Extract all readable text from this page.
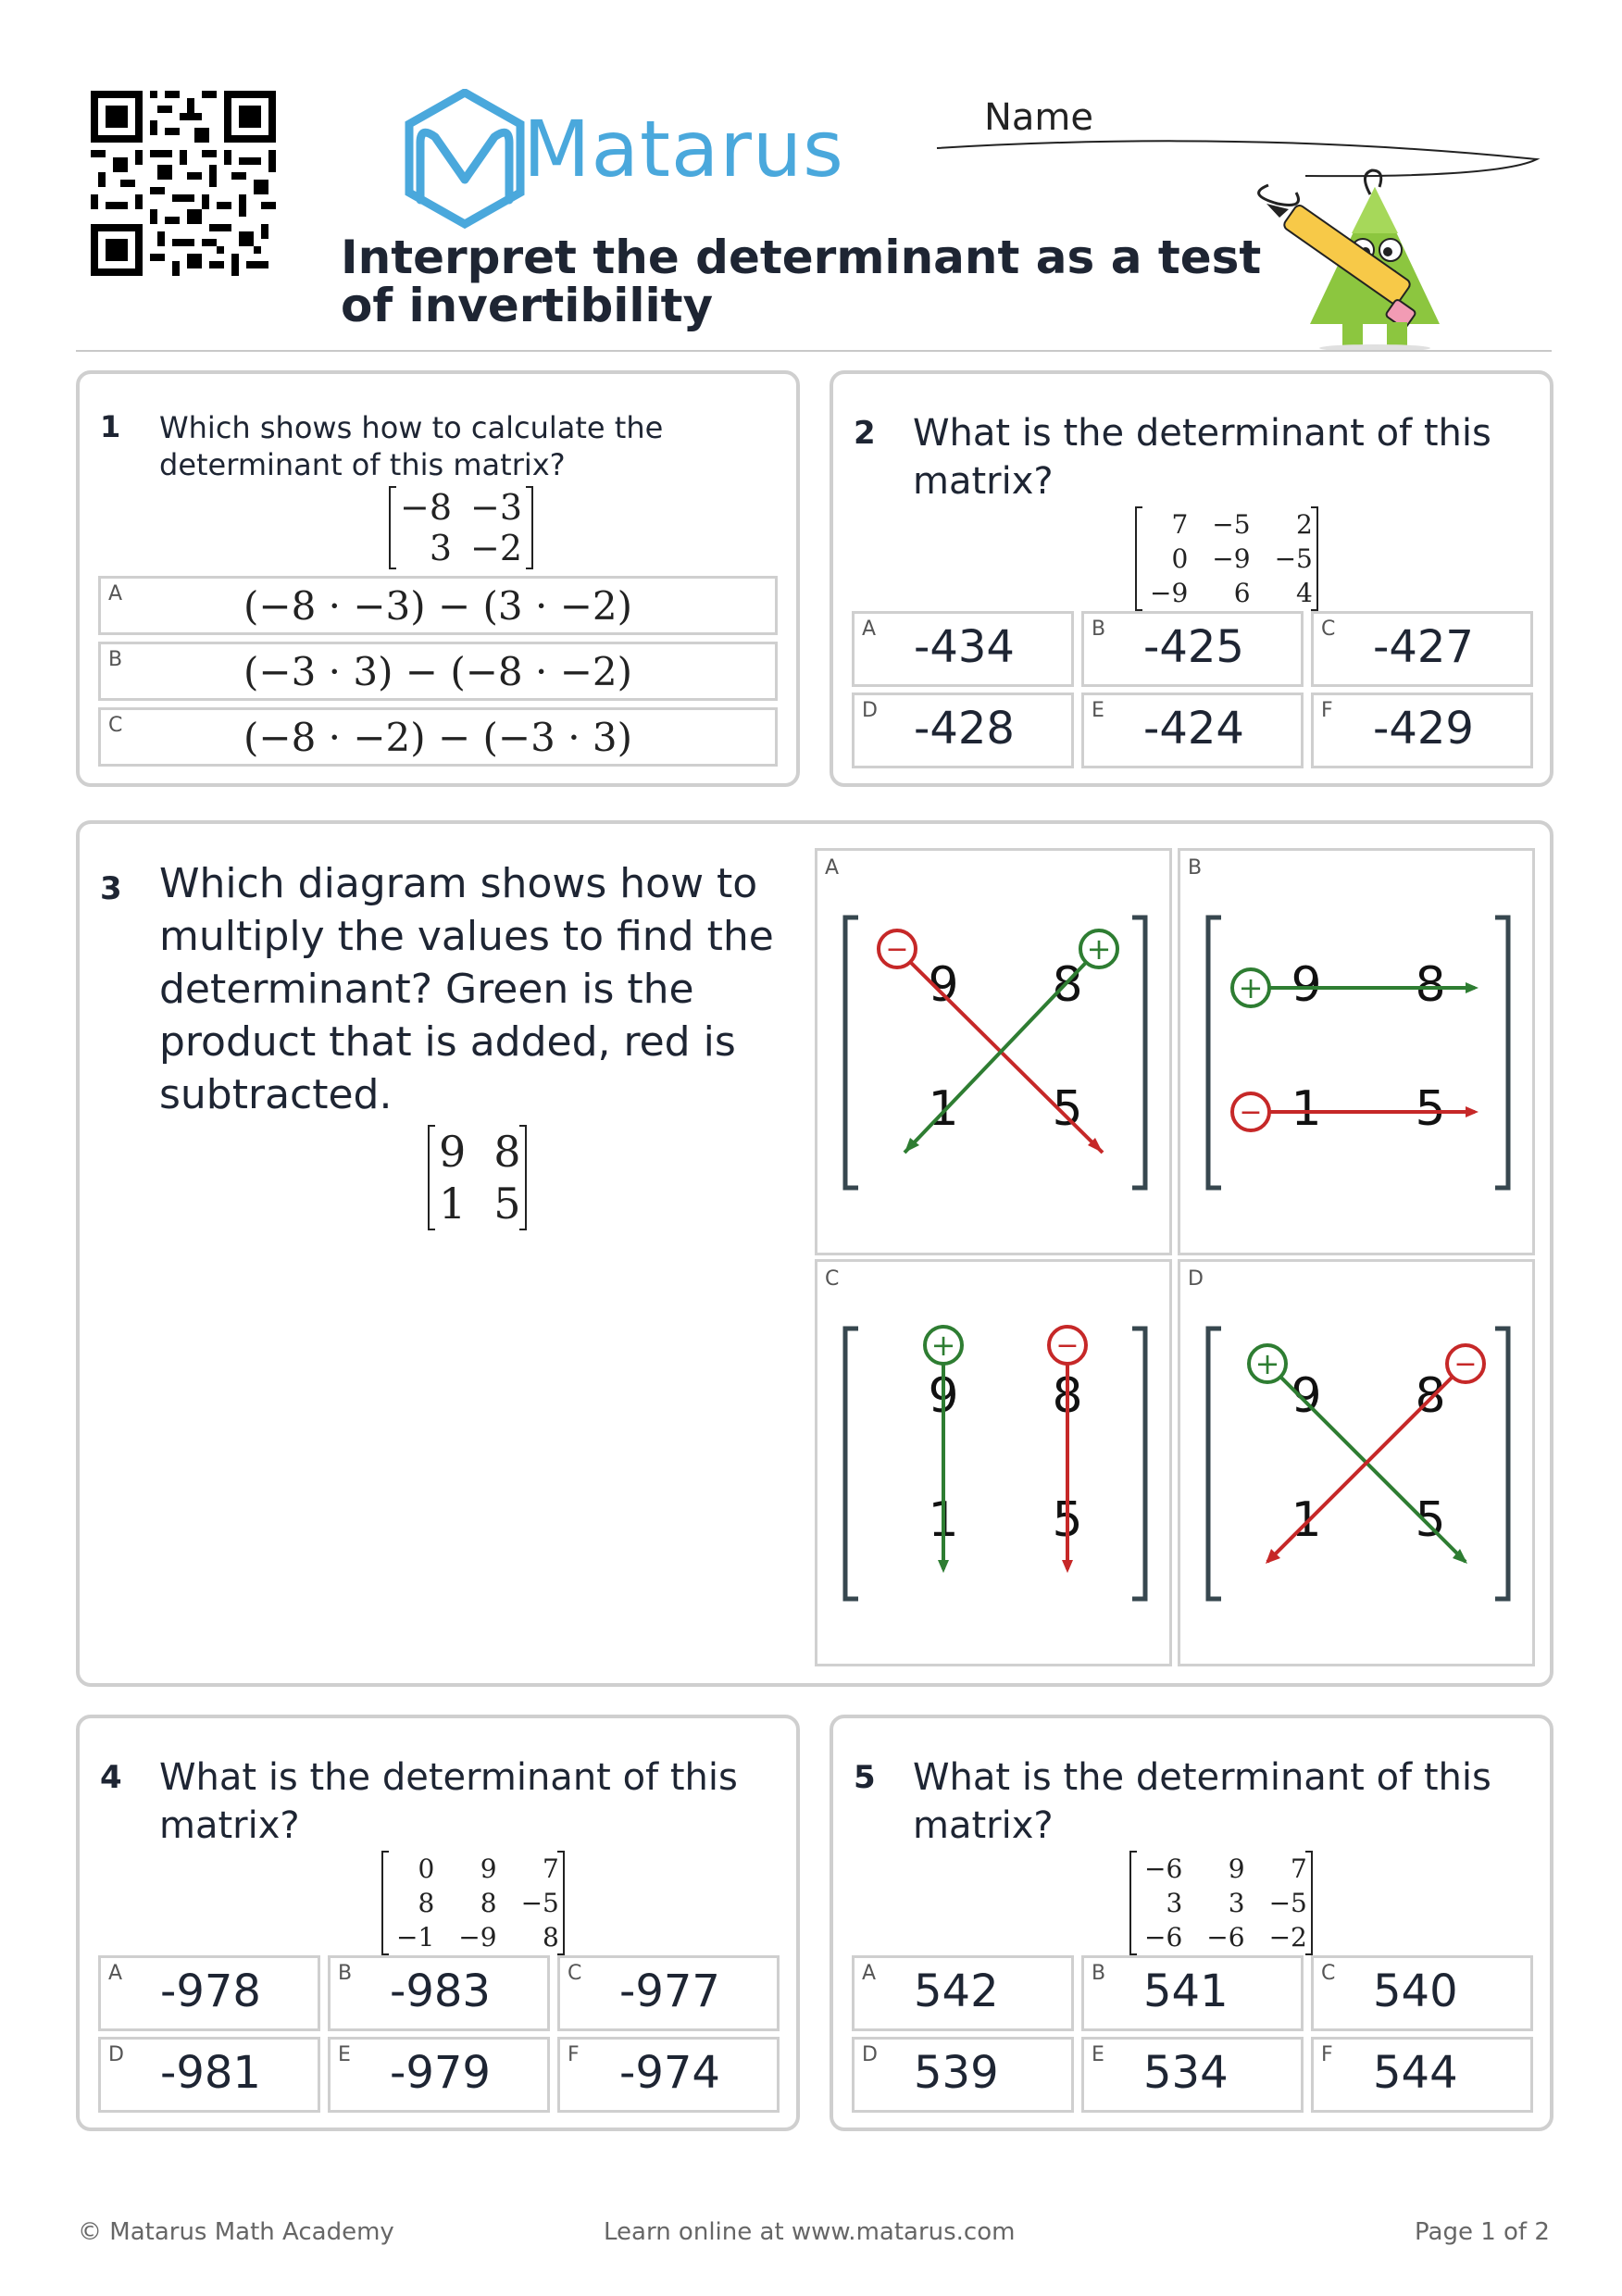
Matarus	Name
Interpret the determinant as a test of invertibility
1 Which shows how to calculate the determinant of this matrix?
−8	−3
3	−2
A	(−8 · −3) − (3 · −2)
B	(−3 · 3) − (−8 · −2)
C	(−8 · −2) − (−3 · 3)
2 What is the determinant of this matrix?
7	−5	2
0	−9	−5
−9	6	4
A -434	B -425	C -427
D -428	E -424	F -429
3 Which diagram shows how to multiply the values to find the determinant? Green is the product that is added, red is subtracted.
9	8
1	5
A
9 8
1 5
−	+
B
9 8
1 5
+
−
C
9 8
1 5
+	−
D
9 8
1 5
+	−
4 What is the determinant of this matrix?
0	9	7
8	8	−5
−1	−9	8
A -978	B -983	C -977
D -981	E -979	F -974
5 What is the determinant of this matrix?
−6	9	7
3	3	−5
−6	−6	−2
A 542	B 541	C 540
D 539	E 534	F 544
© Matarus Math Academy	Learn online at www.matarus.com	Page 1 of 2
